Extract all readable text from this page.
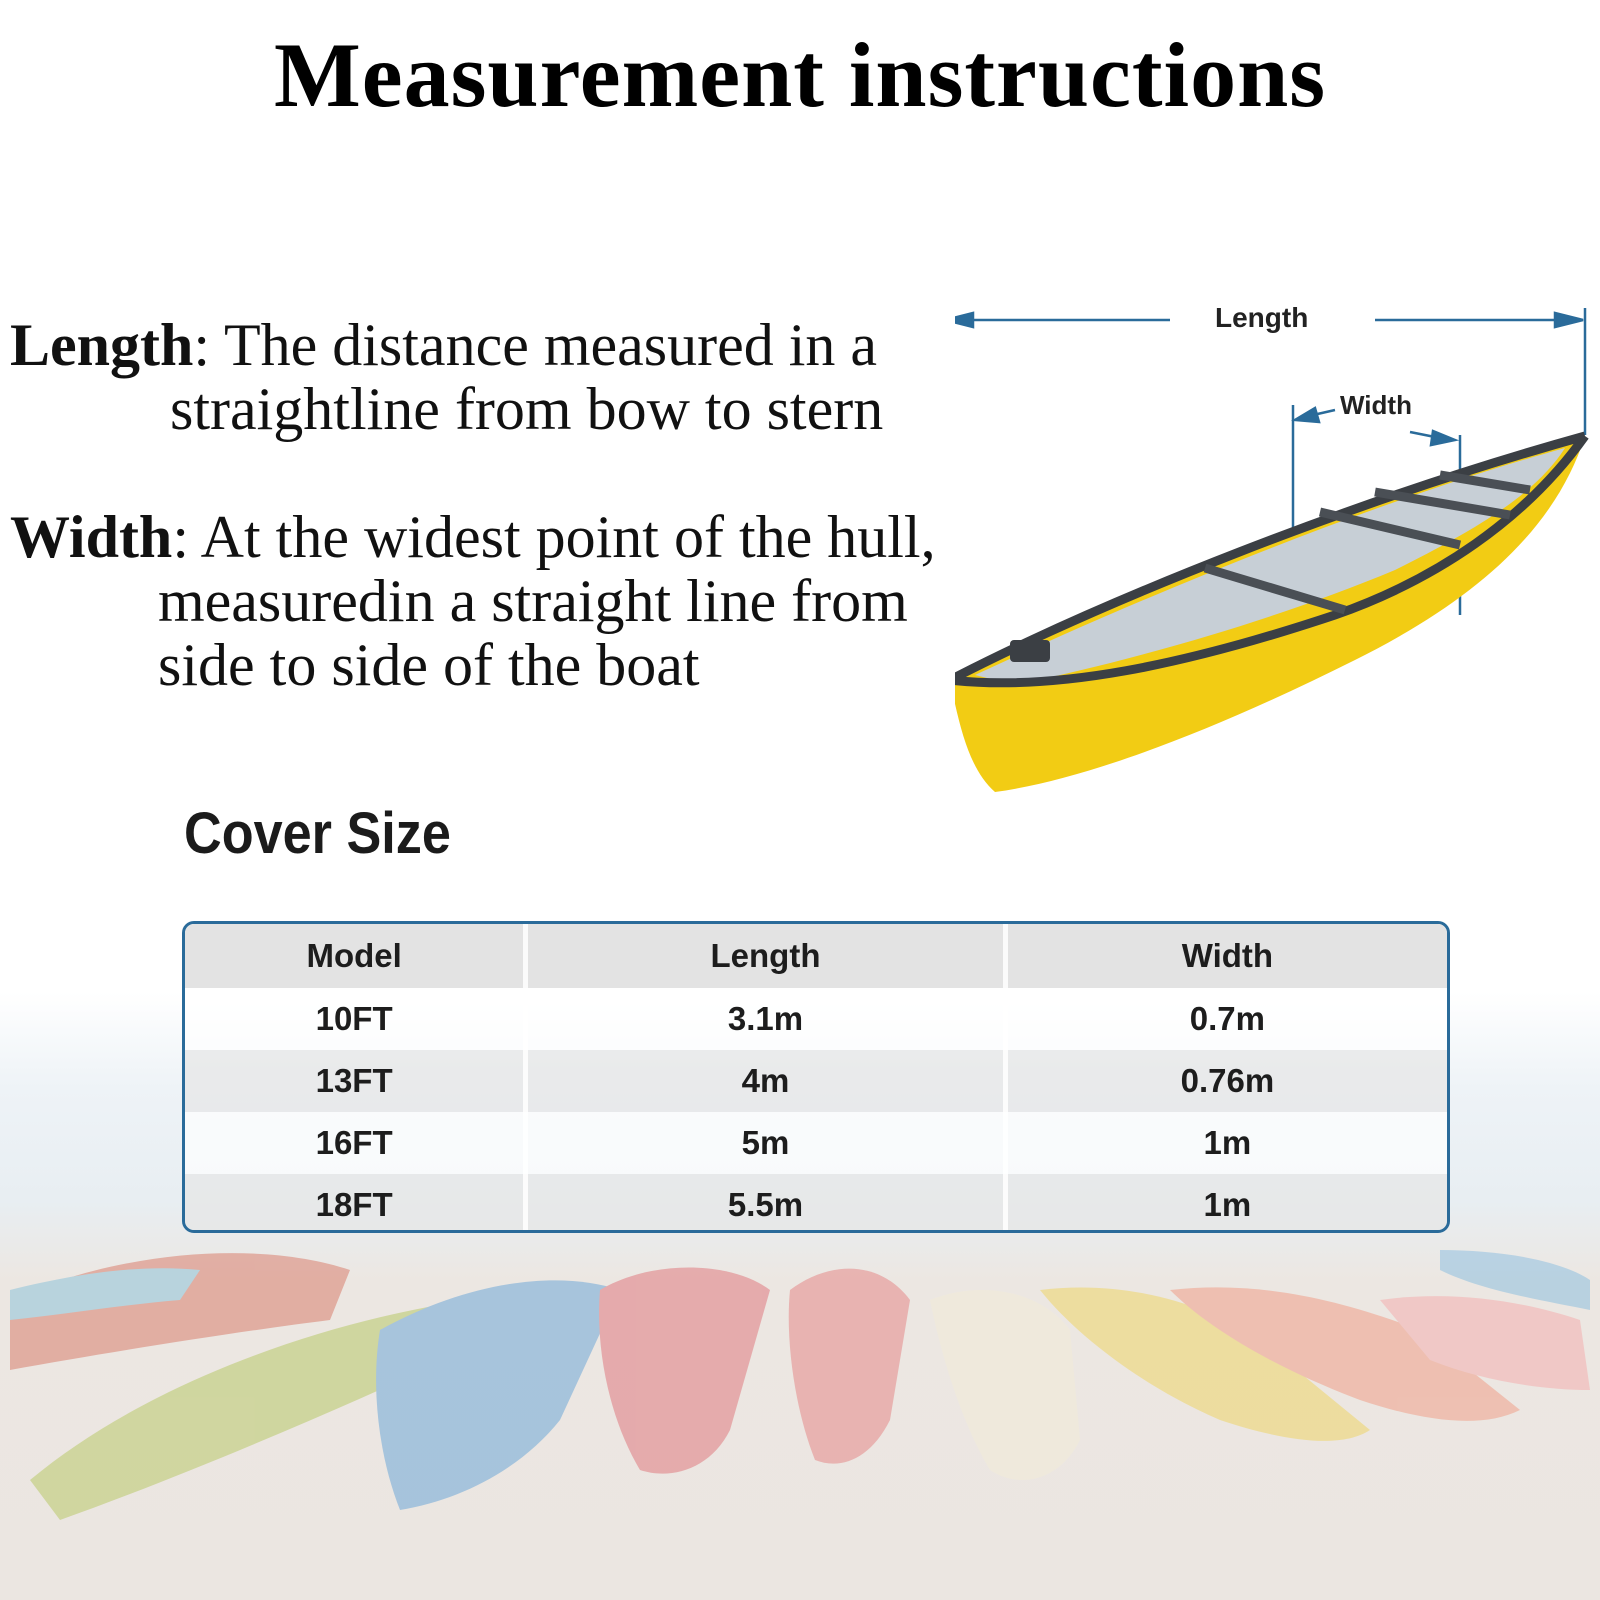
Measurement instructions
Length: The distance measured in a
straightline from bow to stern
Width: At the widest point of the hull,
measuredin a straight line from
side to side of the boat
Length
Width
Cover Size
Model	Length	Width
10FT	3.1m	0.7m
13FT	4m	0.76m
16FT	5m	1m
18FT	5.5m	1m
